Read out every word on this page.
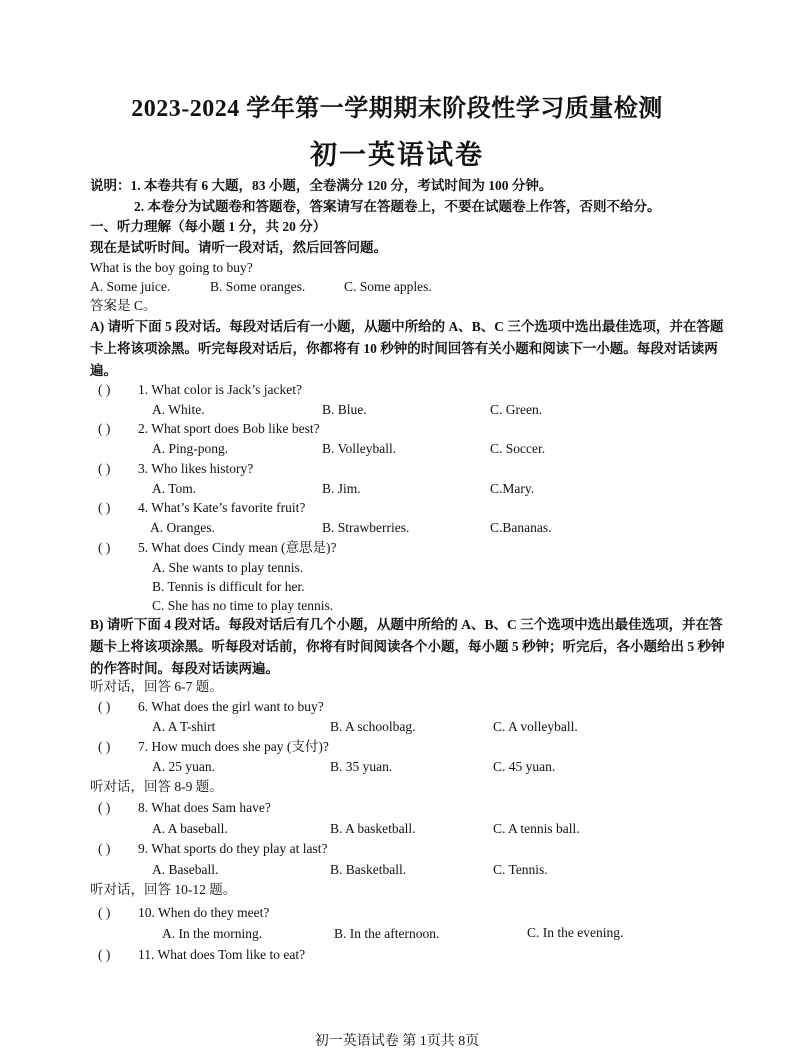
2023-2024 学年第一学期期末阶段性学习质量检测
初一英语试卷
说明：1. 本卷共有 6 大题，83 小题，全卷满分 120 分，考试时间为 100 分钟。
2. 本卷分为试题卷和答题卷，答案请写在答题卷上，不要在试题卷上作答，否则不给分。
一、听力理解（每小题 1 分，共 20 分）
现在是试听时间。请听一段对话，然后回答问题。
What is the boy going to buy?
A. Some juice.	B. Some oranges.	C. Some apples.
答案是 C。
A) 请听下面 5 段对话。每段对话后有一小题，从题中所给的 A、B、C 三个选项中选出最佳选项，并在答题卡上将该项涂黑。听完每段对话后，你都将有 10 秒钟的时间回答有关小题和阅读下一小题。每段对话读两遍。
( ) 1. What color is Jack’s jacket?
A. White.	B. Blue.	C. Green.
( ) 2. What sport does Bob like best?
A. Ping-pong.	B. Volleyball.	C. Soccer.
( ) 3. Who likes history?
A. Tom.	B. Jim.	C.Mary.
( ) 4. What’s Kate’s favorite fruit?
A. Oranges.	B. Strawberries.	C.Bananas.
( ) 5. What does Cindy mean (意思是)?
A. She wants to play tennis.
B. Tennis is difficult for her.
C. She has no time to play tennis.
B) 请听下面 4 段对话。每段对话后有几个小题，从题中所给的 A、B、C 三个选项中选出最佳选项，并在答题卡上将该项涂黑。听每段对话前，你将有时间阅读各个小题，每小题 5 秒钟；听完后，各小题给出 5 秒钟的作答时间。每段对话读两遍。
听对话，回答 6-7 题。
( ) 6. What does the girl want to buy?
A. A T-shirt	B. A schoolbag.	C. A volleyball.
( ) 7. How much does she pay (支付)?
A. 25 yuan.	B. 35 yuan.	C. 45 yuan.
听对话，回答 8-9 题。
( ) 8. What does Sam have?
A. A baseball.	B. A basketball.	C. A tennis ball.
( ) 9. What sports do they play at last?
A. Baseball.	B. Basketball.	C. Tennis.
听对话，回答 10-12 题。
( ) 10. When do they meet?
A. In the morning.	B. In the afternoon.	C. In the evening.
( ) 11. What does Tom like to eat?
初一英语试卷 第 1页共 8页
